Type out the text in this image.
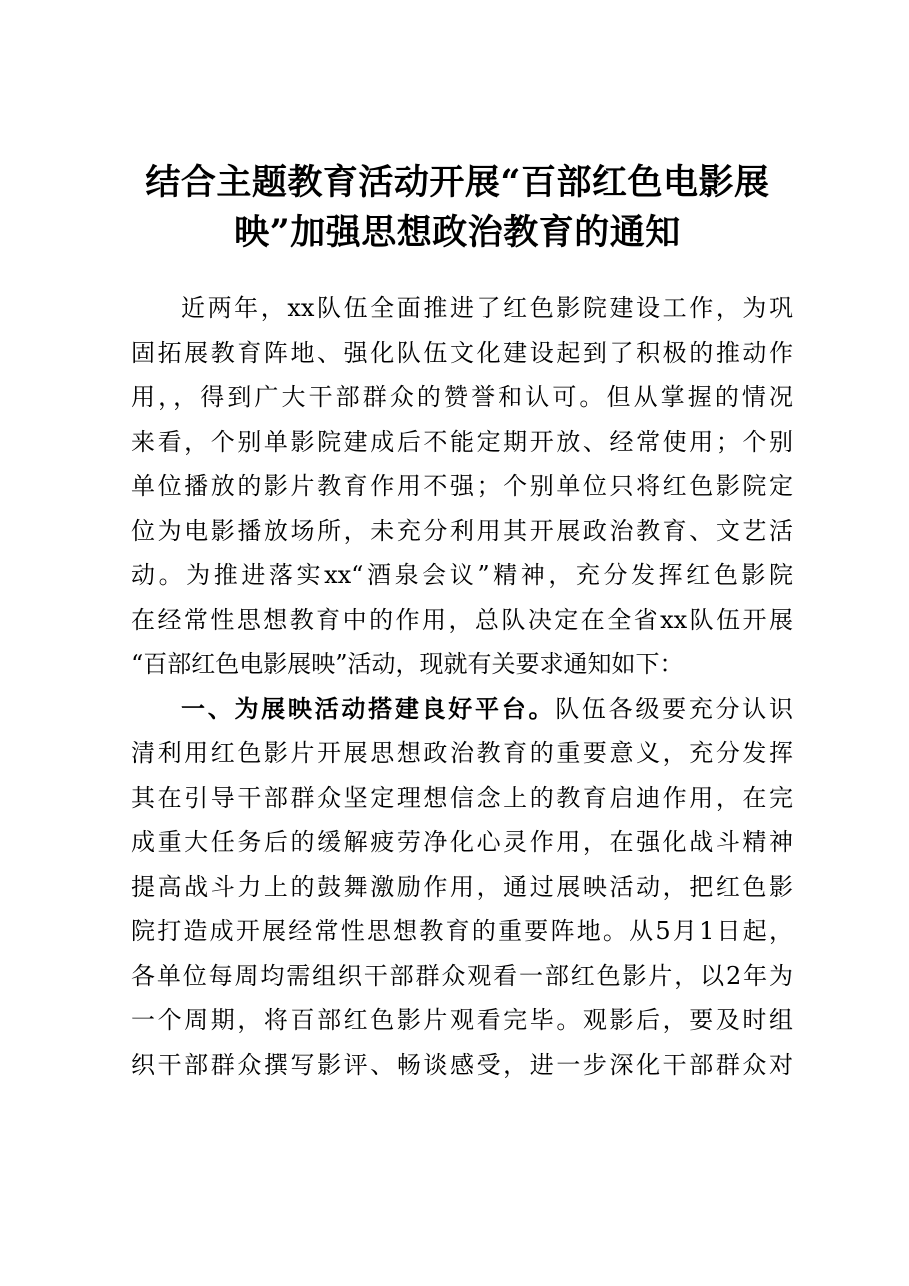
结合主题教育活动开展“百部红色电影展
映”加强思想政治教育的通知
近两年，xx队伍全面推进了红色影院建设工作，为巩
固拓展教育阵地、强化队伍文化建设起到了积极的推动作
用，，得到广大干部群众的赞誉和认可。但从掌握的情况
来看，个别单影院建成后不能定期开放、经常使用；个别
单位播放的影片教育作用不强；个别单位只将红色影院定
位为电影播放场所，未充分利用其开展政治教育、文艺活
动。为推进落实xx“酒泉会议”精神，充分发挥红色影院
在经常性思想教育中的作用，总队决定在全省xx队伍开展
“百部红色电影展映”活动，现就有关要求通知如下：
一、为展映活动搭建良好平台。队伍各级要充分认识
清利用红色影片开展思想政治教育的重要意义，充分发挥
其在引导干部群众坚定理想信念上的教育启迪作用，在完
成重大任务后的缓解疲劳净化心灵作用，在强化战斗精神
提高战斗力上的鼓舞激励作用，通过展映活动，把红色影
院打造成开展经常性思想教育的重要阵地。从5月1日起，
各单位每周均需组织干部群众观看一部红色影片，以2年为
一个周期，将百部红色影片观看完毕。观影后，要及时组
织干部群众撰写影评、畅谈感受，进一步深化干部群众对
